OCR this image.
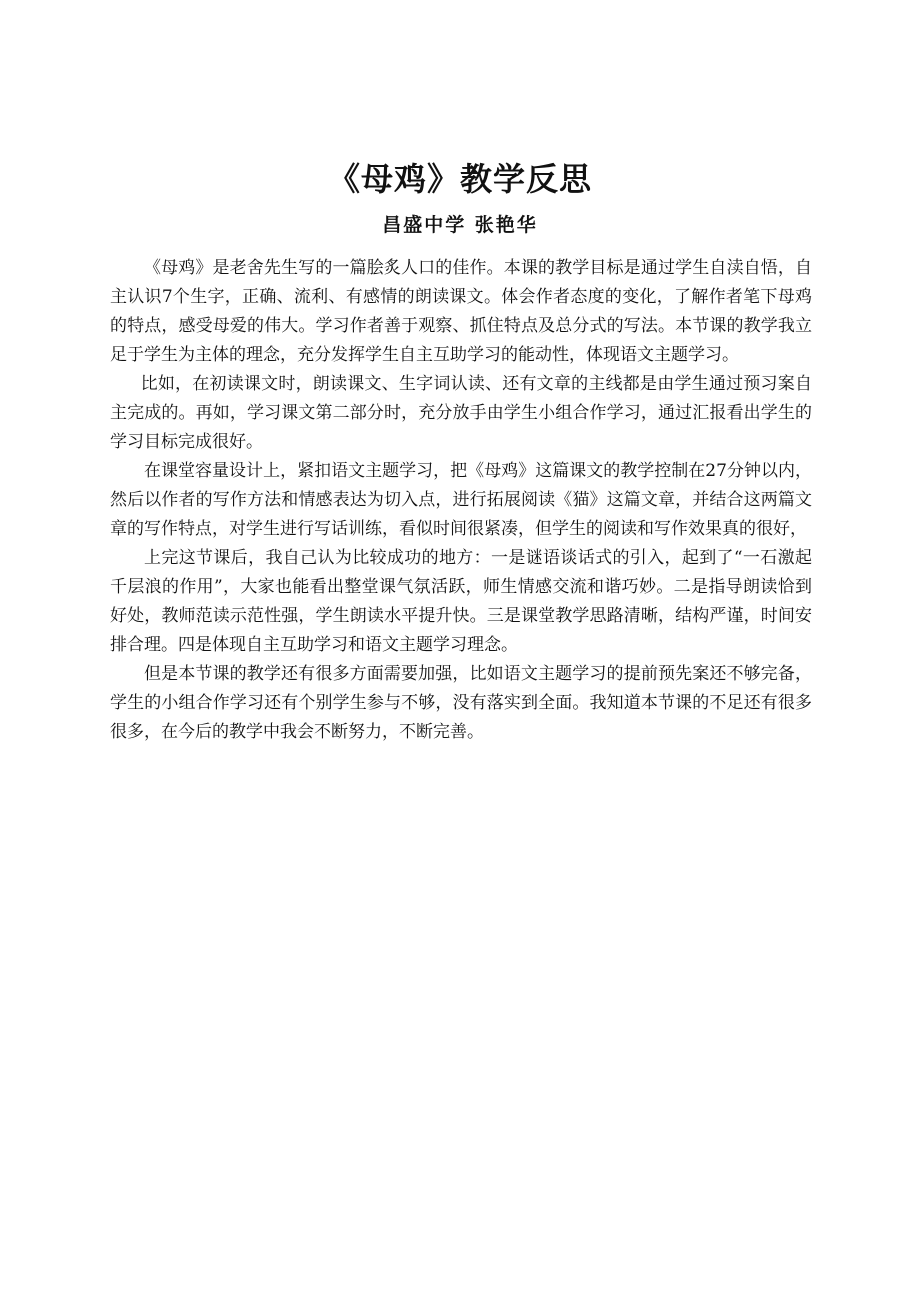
《母鸡》教学反思
昌盛中学 张艳华

《母鸡》是老舍先生写的一篇脍炙人口的佳作。本课的教学目标是通过学生自渎自悟，自主认识7个生字，正确、流利、有感情的朗读课文。体会作者态度的变化，了解作者笔下母鸡的特点，感受母爱的伟大。学习作者善于观察、抓住特点及总分式的写法。本节课的教学我立足于学生为主体的理念，充分发挥学生自主互助学习的能动性，体现语文主题学习。

比如，在初读课文时，朗读课文、生字词认读、还有文章的主线都是由学生通过预习案自主完成的。再如，学习课文第二部分时，充分放手由学生小组合作学习，通过汇报看出学生的学习目标完成很好。

在课堂容量设计上，紧扣语文主题学习，把《母鸡》这篇课文的教学控制在27分钟以内，然后以作者的写作方法和情感表达为切入点，进行拓展阅读《猫》这篇文章，并结合这两篇文章的写作特点，对学生进行写话训练，看似时间很紧凑，但学生的阅读和写作效果真的很好，

上完这节课后，我自己认为比较成功的地方：一是谜语谈话式的引入，起到了“一石激起千层浪的作用”，大家也能看出整堂课气氛活跃，师生情感交流和谐巧妙。二是指导朗读恰到好处，教师范读示范性强，学生朗读水平提升快。三是课堂教学思路清晰，结构严谨，时间安排合理。四是体现自主互助学习和语文主题学习理念。

但是本节课的教学还有很多方面需要加强，比如语文主题学习的提前预先案还不够完备，学生的小组合作学习还有个别学生参与不够，没有落实到全面。我知道本节课的不足还有很多很多，在今后的教学中我会不断努力，不断完善。
